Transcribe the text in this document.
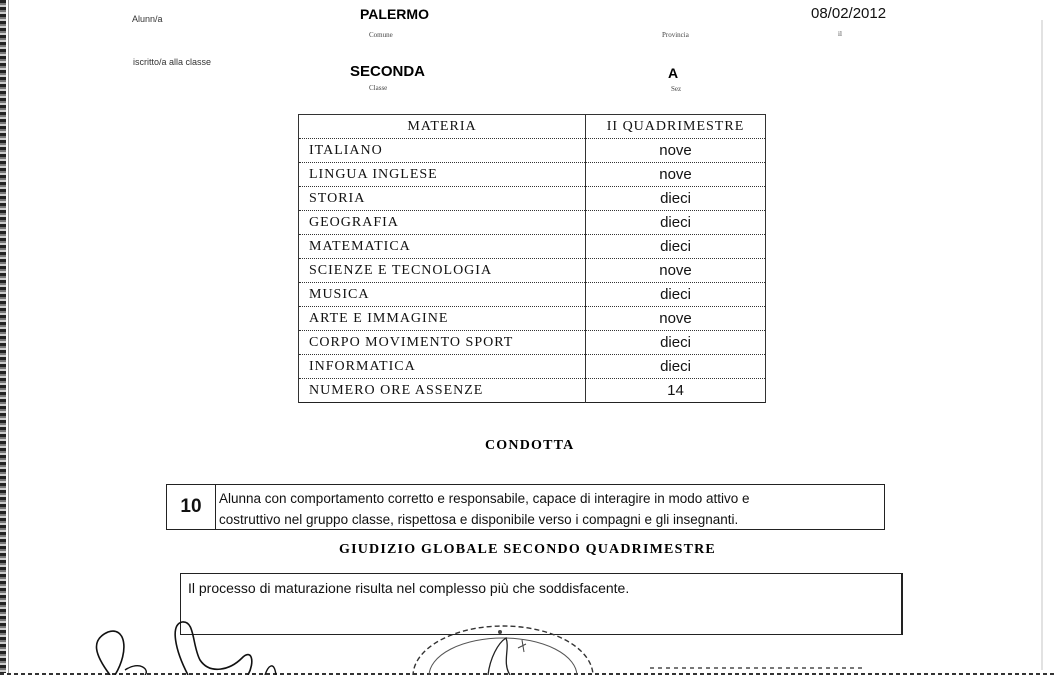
Alunn/a	PALERMO
Comune	Provincia
08/02/2012
il
iscritto/a alla classe
SECONDA
Classe
A
Sez
MATERIA	II QUADRIMESTRE
ITALIANO	nove
LINGUA INGLESE	nove
STORIA	dieci
GEOGRAFIA	dieci
MATEMATICA	dieci
SCIENZE E TECNOLOGIA	nove
MUSICA	dieci
ARTE E IMMAGINE	nove
CORPO MOVIMENTO SPORT	dieci
INFORMATICA	dieci
NUMERO ORE ASSENZE	14
CONDOTTA
10	Alunna con comportamento corretto e responsabile, capace di interagire in modo attivo e
costruttivo nel gruppo classe, rispettosa e disponibile verso i compagni e gli insegnanti.
GIUDIZIO GLOBALE SECONDO QUADRIMESTRE
Il processo di maturazione risulta nel complesso più che soddisfacente.
